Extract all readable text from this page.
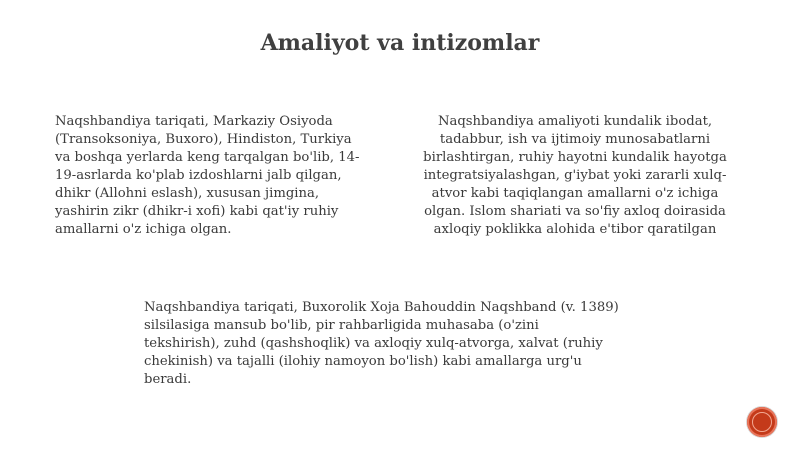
Amaliyot va intizomlar
Naqshbandiya tariqati, Markaziy Osiyoda
(Transoksoniya, Buxoro), Hindiston, Turkiya
va boshqa yerlarda keng tarqalgan bo'lib, 14-
19-asrlarda ko'plab izdoshlarni jalb qilgan,
dhikr (Allohni eslash), xususan jimgina,
yashirin zikr (dhikr-i xofi) kabi qat'iy ruhiy
amallarni o'z ichiga olgan.
Naqshbandiya amaliyoti kundalik ibodat,
tadabbur, ish va ijtimoiy munosabatlarni
birlashtirgan, ruhiy hayotni kundalik hayotga
integratsiyalashgan, g'iybat yoki zararli xulq-
atvor kabi taqiqlangan amallarni o'z ichiga
olgan. Islom shariati va so'fiy axloq doirasida
axloqiy poklikka alohida e'tibor qaratilgan
Naqshbandiya tariqati, Buxorolik Xoja Bahouddin Naqshband (v. 1389)
silsilasiga mansub bo'lib, pir rahbarligida muhasaba (o'zini
tekshirish), zuhd (qashshoqlik) va axloqiy xulq-atvorga, xalvat (ruhiy
chekinish) va tajalli (ilohiy namoyon bo'lish) kabi amallarga urg'u
beradi.
